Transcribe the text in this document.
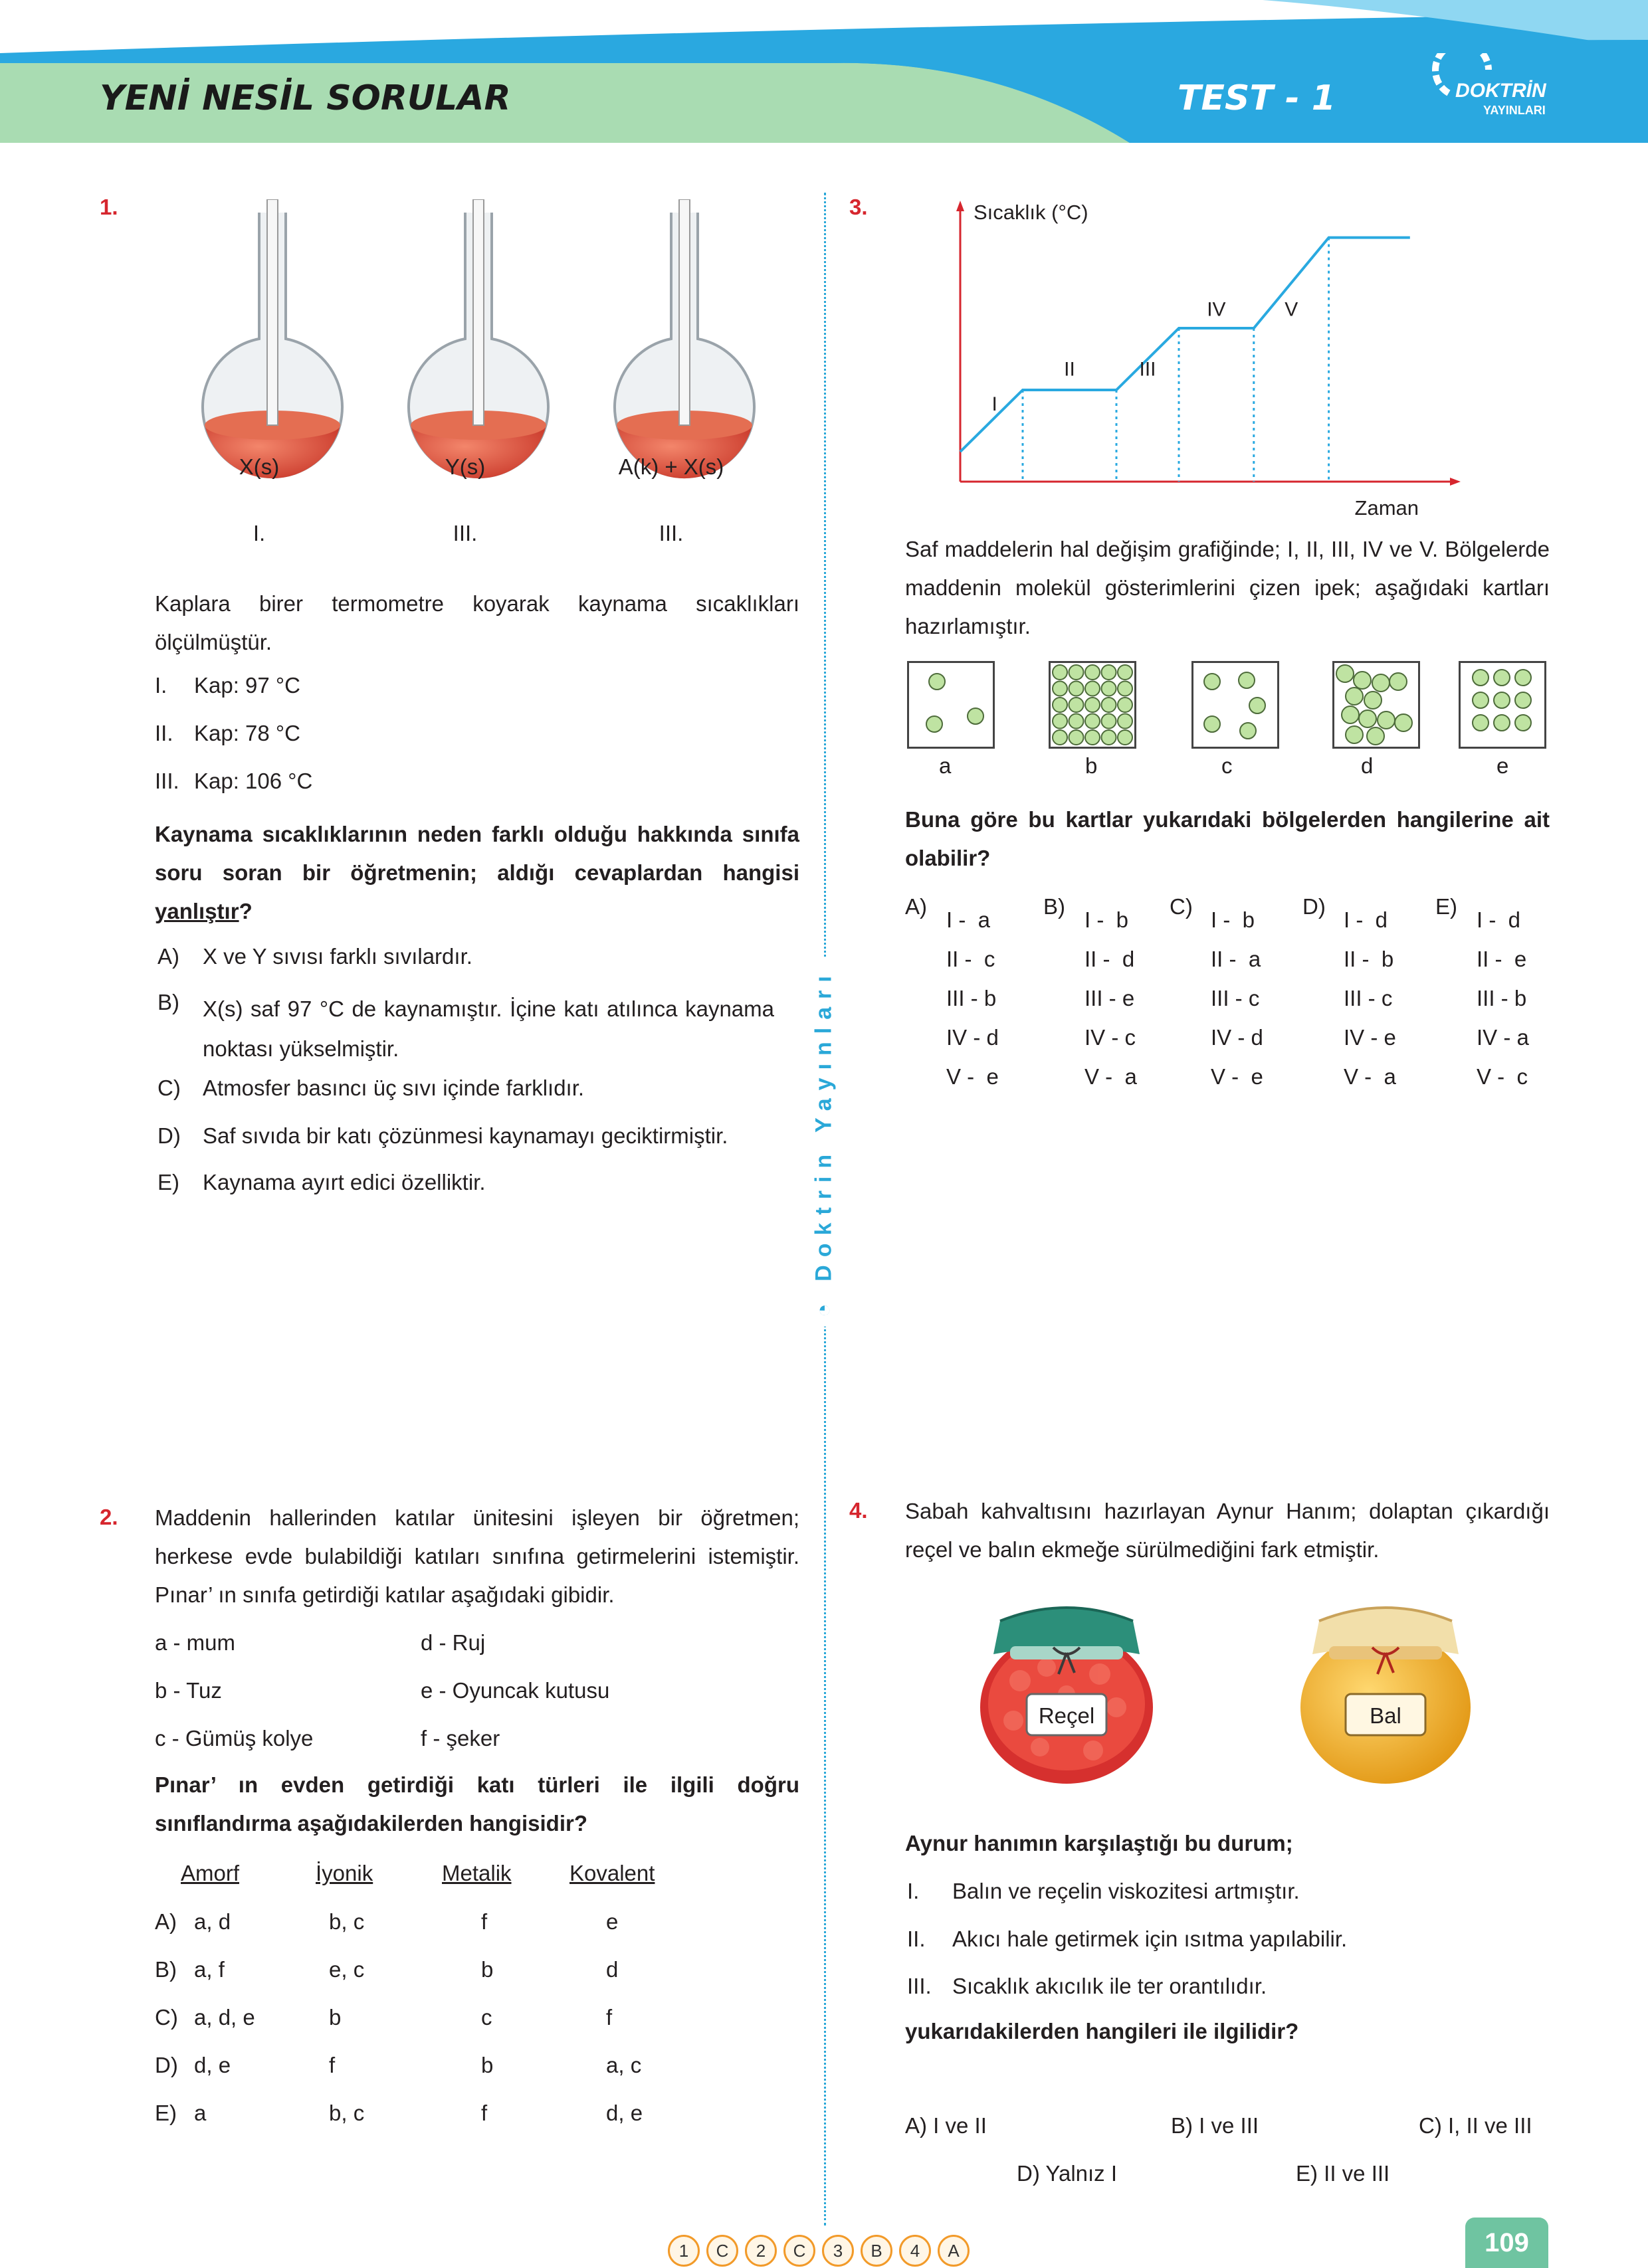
YENİ NESİL SORULAR	TEST - 1	DOKTRİN
YAYINLARI
◔ Doktrin Yayınları
1.
X(s)	Y(s)	A(k) + X(s)
I.	III.	III.
Kaplara birer termometre koyarak kaynama sıcaklıkları ölçülmüştür.
I. Kap: 97 °C
II. Kap: 78 °C
III. Kap: 106 °C
Kaynama sıcaklıklarının neden farklı olduğu hakkında sınıfa soru soran bir öğretmenin; aldığı cevaplardan hangisi yanlıştır?
A) X ve Y sıvısı farklı sıvılardır.
B) X(s) saf 97 °C de kaynamıştır. İçine katı atılınca kaynama noktası yükselmiştir.
C) Atmosfer basıncı üç sıvı içinde farklıdır.
D) Saf sıvıda bir katı çözünmesi kaynamayı geciktirmiştir.
E) Kaynama ayırt edici özelliktir.
2. Maddenin hallerinden katılar ünitesini işleyen bir öğretmen; herkese evde bulabildiği katıları sınıfına getirmelerini istemiştir. Pınar’ ın sınıfa getirdiği katılar aşağıdaki gibidir.
a - mum
b - Tuz
c - Gümüş kolye
d - Ruj
e - Oyuncak kutusu
f - şeker
Pınar’ ın evden getirdiği katı türleri ile ilgili doğru sınıflandırma aşağıdakilerden hangisidir?
Amorf	İyonik	Metalik	Kovalent
A) a, d	b, c	f	e
B) a, f	e, c	b	d
C) a, d, e	b	c	f
D) d, e	f	b	a, c
E) a	b, c	f	d, e
3.
I
II	III
IV	V
Sıcaklık (°C)
Zaman
Saf maddelerin hal değişim grafiğinde; I, II, III, IV ve V. Bölgelerde maddenin molekül gösterimlerini çizen ipek; aşağıdaki kartları hazırlamıştır.
a	b	c	d	e
Buna göre bu kartlar yukarıdaki bölgelerden hangilerine ait olabilir?
A)
I -  a
II -  c
III - b
IV - d
V -  e
B)
I -  b
II -  d
III - e
IV - c
V -  a
C)
I -  b
II -  a
III - c
IV - d
V -  e
D)
I -  d
II -  b
III - c
IV - e
V -  a
E)
I -  d
II -  e
III - b
IV - a
V -  c
4. Sabah kahvaltısını hazırlayan Aynur Hanım; dolaptan çıkardığı reçel ve balın ekmeğe sürülmediğini fark etmiştir.
Reçel	Bal
Aynur hanımın karşılaştığı bu durum;
I. Balın ve reçelin viskozitesi artmıştır.
II. Akıcı hale getirmek için ısıtma yapılabilir.
III. Sıcaklık akıcılık ile ter orantılıdır.
yukarıdakilerden hangileri ile ilgilidir?
A) I ve II	B) I ve III	C) I, II ve III
D) Yalnız I	E) II ve III
1	C	2	C	3	B	4	A	109
